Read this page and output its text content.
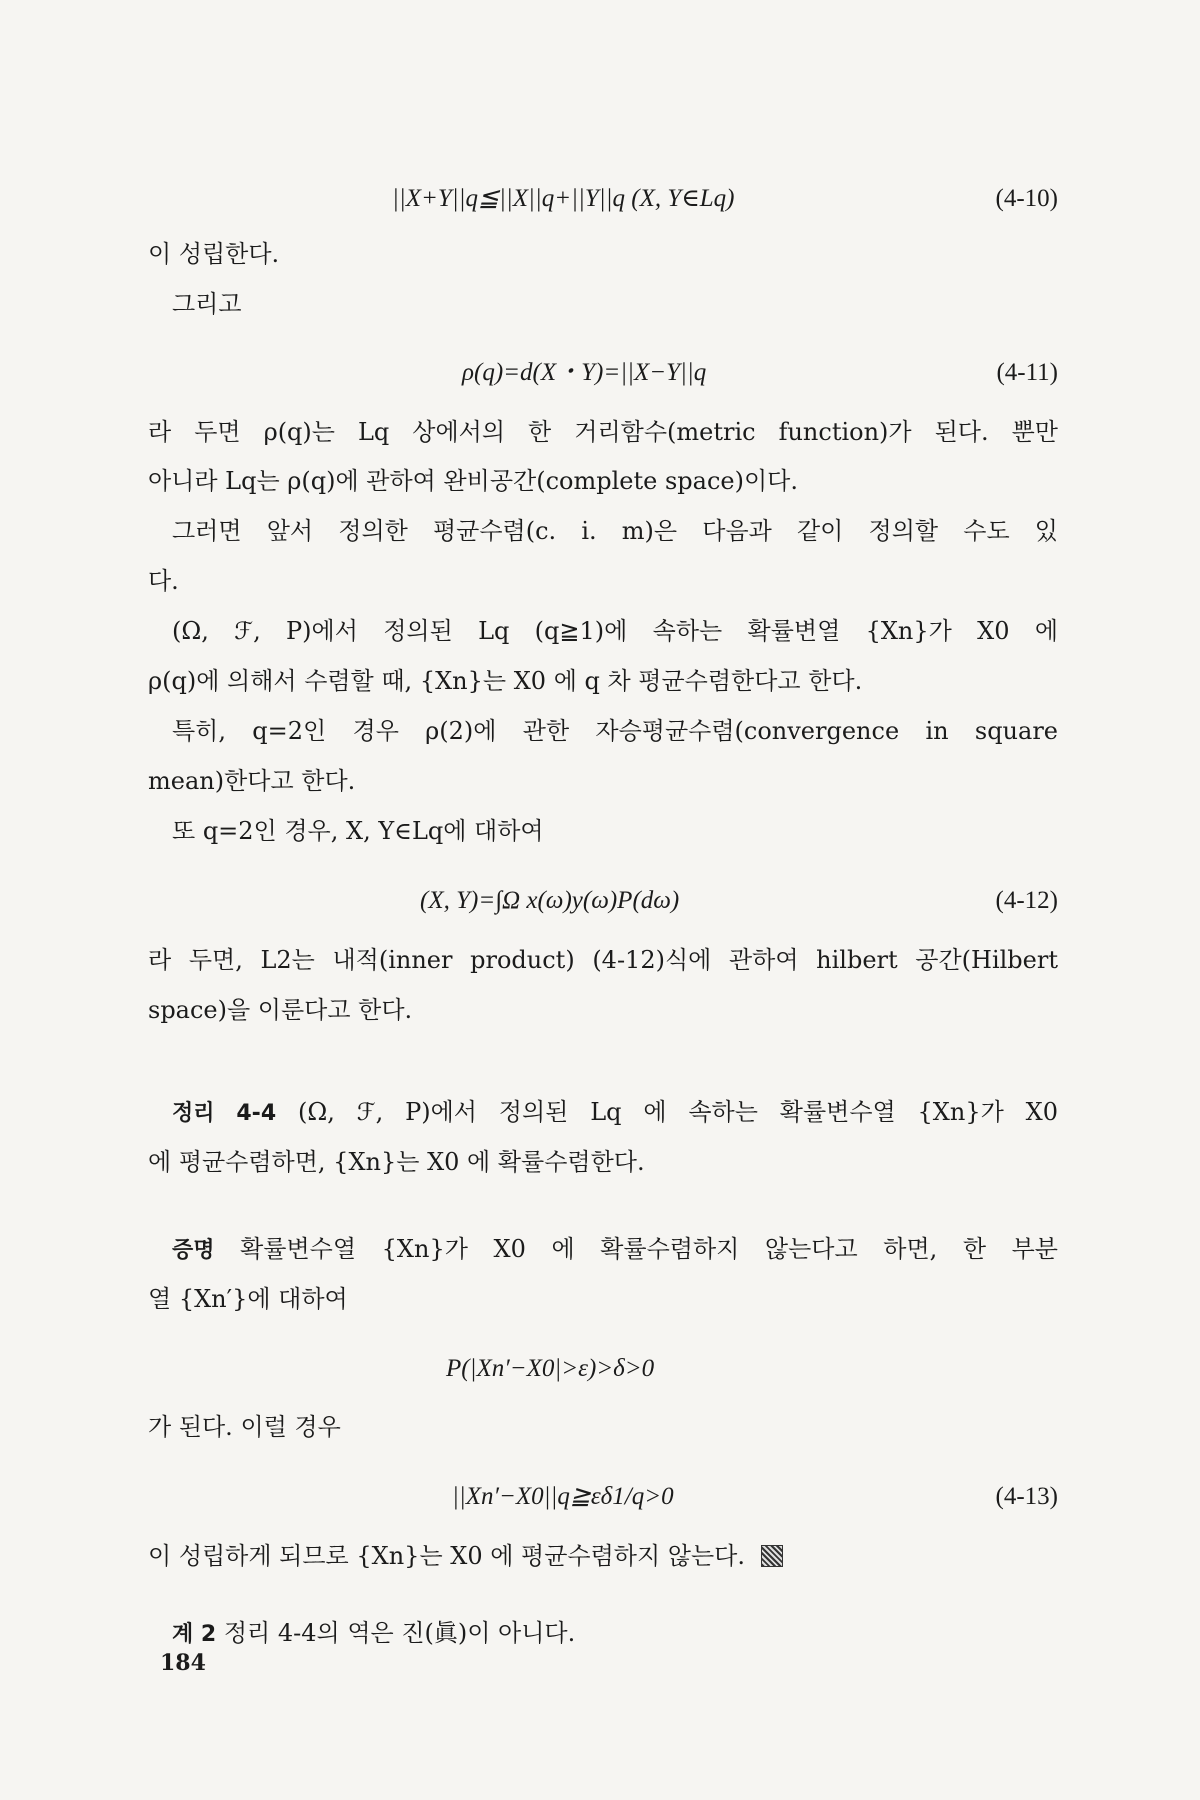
||X+Y||q≦||X||q+||Y||q (X, Y∈Lq)	(4-10)
이 성립한다.
그리고
ρ(q)=d(X・Y)=||X−Y||q	(4-11)
라 두면 ρ(q)는 Lq 상에서의 한 거리함수(metric function)가 된다. 뿐만
아니라 Lq는 ρ(q)에 관하여 완비공간(complete space)이다.
그러면 앞서 정의한 평균수렴(c. i. m)은 다음과 같이 정의할 수도 있
다.
(Ω, ℱ, P)에서 정의된 Lq (q≧1)에 속하는 확률변열 {Xn}가 X0 에
ρ(q)에 의해서 수렴할 때, {Xn}는 X0 에 q 차 평균수렴한다고 한다.
특히, q=2인 경우 ρ(2)에 관한 자승평균수렴(convergence in square
mean)한다고 한다.
또 q=2인 경우, X, Y∈Lq에 대하여
(X, Y)=∫Ω x(ω)y(ω)P(dω)	(4-12)
라 두면, L2는 내적(inner product) (4-12)식에 관하여 hilbert 공간(Hilbert
space)을 이룬다고 한다.
정리 4-4 (Ω, ℱ, P)에서 정의된 Lq 에 속하는 확률변수열 {Xn}가 X0
에 평균수렴하면, {Xn}는 X0 에 확률수렴한다.
증명 확률변수열 {Xn}가 X0 에 확률수렴하지 않는다고 하면, 한 부분
열 {Xn′}에 대하여
P(|Xn′−X0|>ε)>δ>0
가 된다. 이럴 경우
||Xn′−X0||q≧εδ1/q>0	(4-13)
이 성립하게 되므로 {Xn}는 X0 에 평균수렴하지 않는다.
계 2 정리 4-4의 역은 진(眞)이 아니다.
184
